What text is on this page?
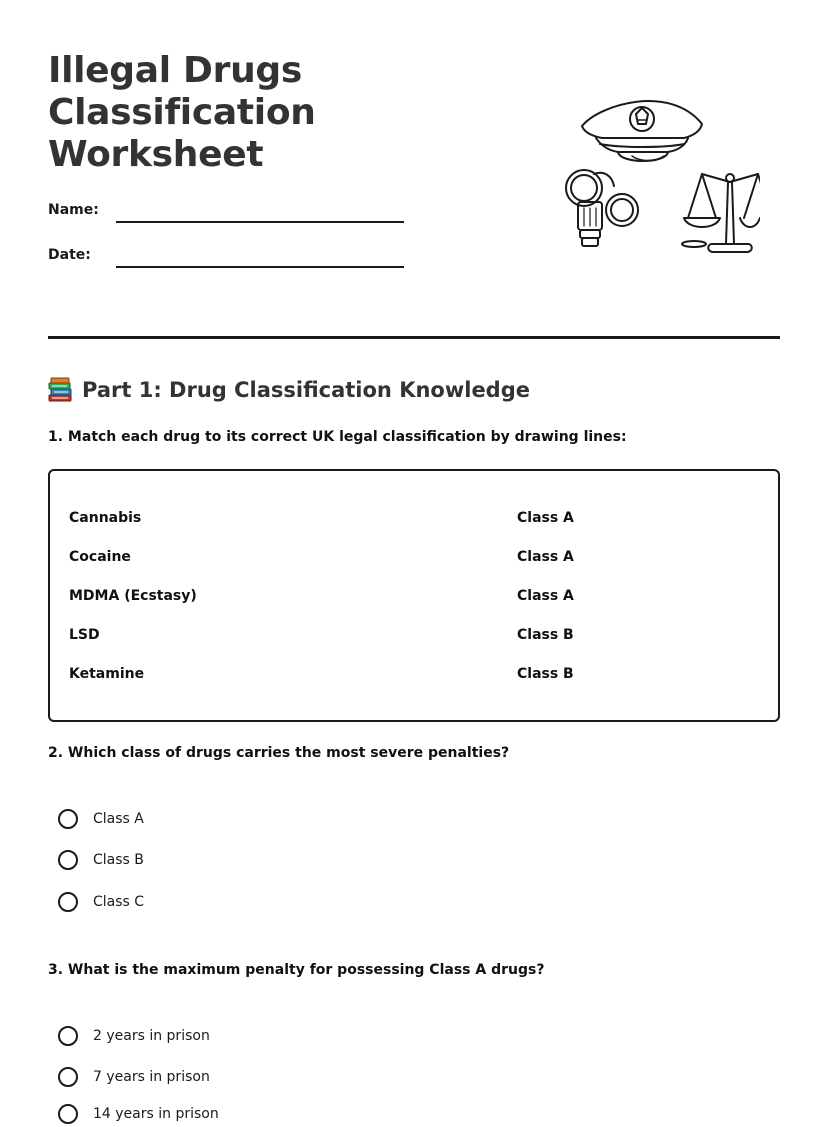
Illegal Drugs Classification Worksheet
Name:
Date:
Part 1: Drug Classification Knowledge
1. Match each drug to its correct UK legal classification by drawing lines:
Cannabis
Cocaine
MDMA (Ecstasy)
LSD
Ketamine
Class A
Class A
Class A
Class B
Class B
2. Which class of drugs carries the most severe penalties?
Class A
Class B
Class C
3. What is the maximum penalty for possessing Class A drugs?
2 years in prison
7 years in prison
14 years in prison
